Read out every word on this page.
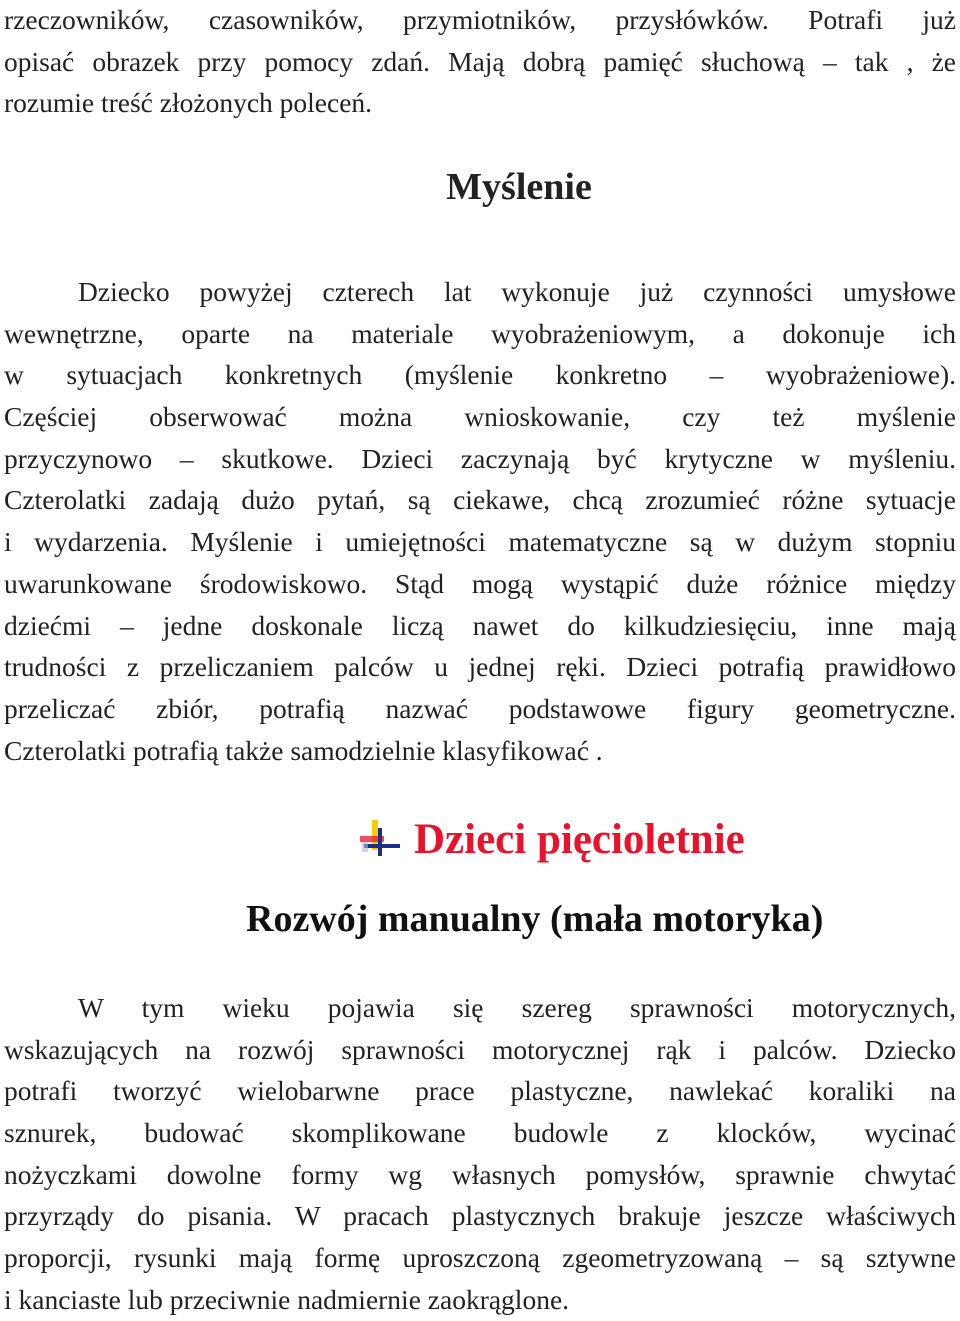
rzeczowników, czasowników, przymiotników, przysłówków. Potrafi już
opisać obrazek przy pomocy zdań. Mają dobrą pamięć słuchową – tak , że
rozumie treść złożonych poleceń.
Myślenie
Dziecko powyżej czterech lat wykonuje już czynności umysłowe
wewnętrzne, oparte na materiale wyobrażeniowym, a dokonuje ich
w sytuacjach konkretnych (myślenie konkretno – wyobrażeniowe).
Częściej obserwować można wnioskowanie, czy też myślenie
przyczynowo – skutkowe. Dzieci zaczynają być krytyczne w myśleniu.
Czterolatki zadają dużo pytań, są ciekawe, chcą zrozumieć różne sytuacje
i wydarzenia. Myślenie i umiejętności matematyczne są w dużym stopniu
uwarunkowane środowiskowo. Stąd mogą wystąpić duże różnice między
dziećmi – jedne doskonale liczą nawet do kilkudziesięciu, inne mają
trudności z przeliczaniem palców u jednej ręki. Dzieci potrafią prawidłowo
przeliczać zbiór, potrafią nazwać podstawowe figury geometryczne.
Czterolatki potrafią także samodzielnie klasyfikować .
Dzieci pięcioletnie
Rozwój manualny (mała motoryka)
W tym wieku pojawia się szereg sprawności motorycznych,
wskazujących na rozwój sprawności motorycznej rąk i palców. Dziecko
potrafi tworzyć wielobarwne prace plastyczne, nawlekać koraliki na
sznurek, budować skomplikowane budowle z klocków, wycinać
nożyczkami dowolne formy wg własnych pomysłów, sprawnie chwytać
przyrządy do pisania. W pracach plastycznych brakuje jeszcze właściwych
proporcji, rysunki mają formę uproszczoną zgeometryzowaną – są sztywne
i kanciaste lub przeciwnie nadmiernie zaokrąglone.
